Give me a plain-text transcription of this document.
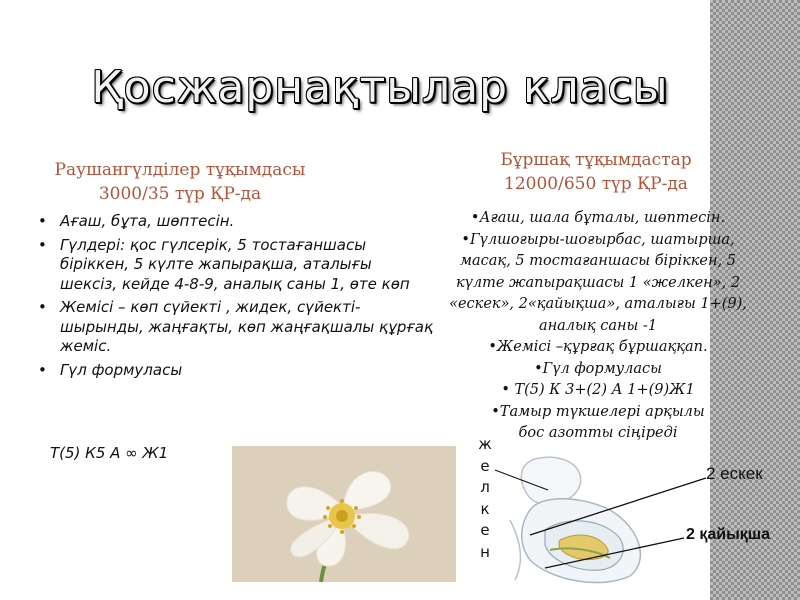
Қосжарнақтылар класы
Раушангүлділер тұқымдасы
3000/35 түр ҚР-да
Бұршақ тұқымдастар
12000/650 түр ҚР-да
• Ағаш, бұта, шөптесін.
• Гүлдері: қос гүлсерік, 5 тостағаншасы біріккен, 5 күлте жапырақша, аталығы шексіз, кейде 4-8-9, аналық саны 1, өте көп
• Жемісі – көп сүйекті , жидек, сүйекті-шырынды, жаңғақты, көп жаңғақшалы құрғақ жеміс.
• Гүл формуласы
Т(5) К5 А ∞ Ж1
•Ағаш, шала бұталы, шөптесін.
•Гүлшоғыры-шоғырбас, шатырша,
масақ, 5 тостағаншасы біріккен, 5
күлте жапырақшасы 1 «желкен», 2
«ескек», 2«қайықша», аталығы 1+(9),
аналық саны -1
•Жемісі –құрғақ бұршаққап.
•Гүл формуласы
• Т(5) К 3+(2) А 1+(9)Ж1
•Тамыр түкшелері арқылы
бос азотты сіңіреді
ж
е
л
к
е
н
2 ескек
2 қайықша
